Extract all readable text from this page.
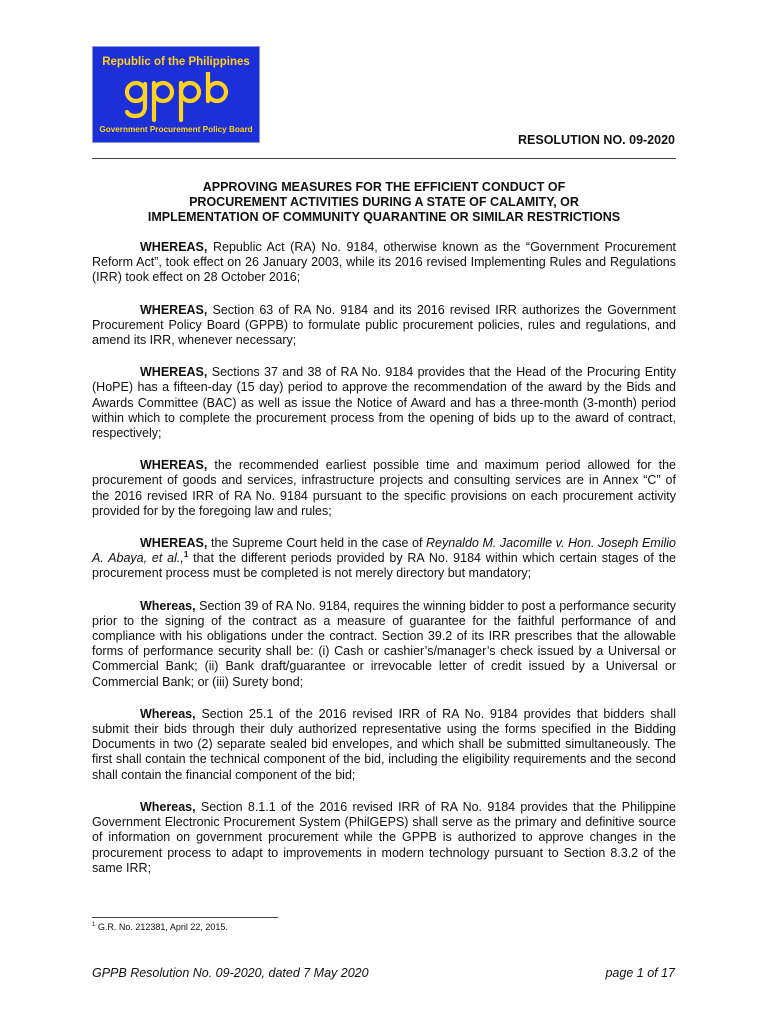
Republic of the Philippines
Government Procurement Policy Board
RESOLUTION NO. 09-2020
APPROVING MEASURES FOR THE EFFICIENT CONDUCT OF
PROCUREMENT ACTIVITIES DURING A STATE OF CALAMITY, OR
IMPLEMENTATION OF COMMUNITY QUARANTINE OR SIMILAR RESTRICTIONS

WHEREAS, Republic Act (RA) No. 9184, otherwise known as the “Government Procurement Reform Act”, took effect on 26 January 2003, while its 2016 revised Implementing Rules and Regulations (IRR) took effect on 28 October 2016;

WHEREAS, Section 63 of RA No. 9184 and its 2016 revised IRR authorizes the Government Procurement Policy Board (GPPB) to formulate public procurement policies, rules and regulations, and amend its IRR, whenever necessary;

WHEREAS, Sections 37 and 38 of RA No. 9184 provides that the Head of the Procuring Entity (HoPE) has a fifteen-day (15 day) period to approve the recommendation of the award by the Bids and Awards Committee (BAC) as well as issue the Notice of Award and has a three-month (3-month) period within which to complete the procurement process from the opening of bids up to the award of contract, respectively;

WHEREAS, the recommended earliest possible time and maximum period allowed for the procurement of goods and services, infrastructure projects and consulting services are in Annex “C” of the 2016 revised IRR of RA No. 9184 pursuant to the specific provisions on each procurement activity provided for by the foregoing law and rules;

WHEREAS, the Supreme Court held in the case of Reynaldo M. Jacomille v. Hon. Joseph Emilio A. Abaya, et al.,$^1$ that the different periods provided by RA No. 9184 within which certain stages of the procurement process must be completed is not merely directory but mandatory;

Whereas, Section 39 of RA No. 9184, requires the winning bidder to post a performance security prior to the signing of the contract as a measure of guarantee for the faithful performance of and compliance with his obligations under the contract. Section 39.2 of its IRR prescribes that the allowable forms of performance security shall be: (i) Cash or cashier’s/manager’s check issued by a Universal or Commercial Bank; (ii) Bank draft/guarantee or irrevocable letter of credit issued by a Universal or Commercial Bank; or (iii) Surety bond;

Whereas, Section 25.1 of the 2016 revised IRR of RA No. 9184 provides that bidders shall submit their bids through their duly authorized representative using the forms specified in the Bidding Documents in two (2) separate sealed bid envelopes, and which shall be submitted simultaneously. The first shall contain the technical component of the bid, including the eligibility requirements and the second shall contain the financial component of the bid;

Whereas, Section 8.1.1 of the 2016 revised IRR of RA No. 9184 provides that the Philippine Government Electronic Procurement System (PhilGEPS) shall serve as the primary and definitive source of information on government procurement while the GPPB is authorized to approve changes in the procurement process to adapt to improvements in modern technology pursuant to Section 8.3.2 of the same IRR;

$^1$ G.R. No. 212381, April 22, 2015.
GPPB Resolution No. 09-2020, dated 7 May 2020	page 1 of 17
